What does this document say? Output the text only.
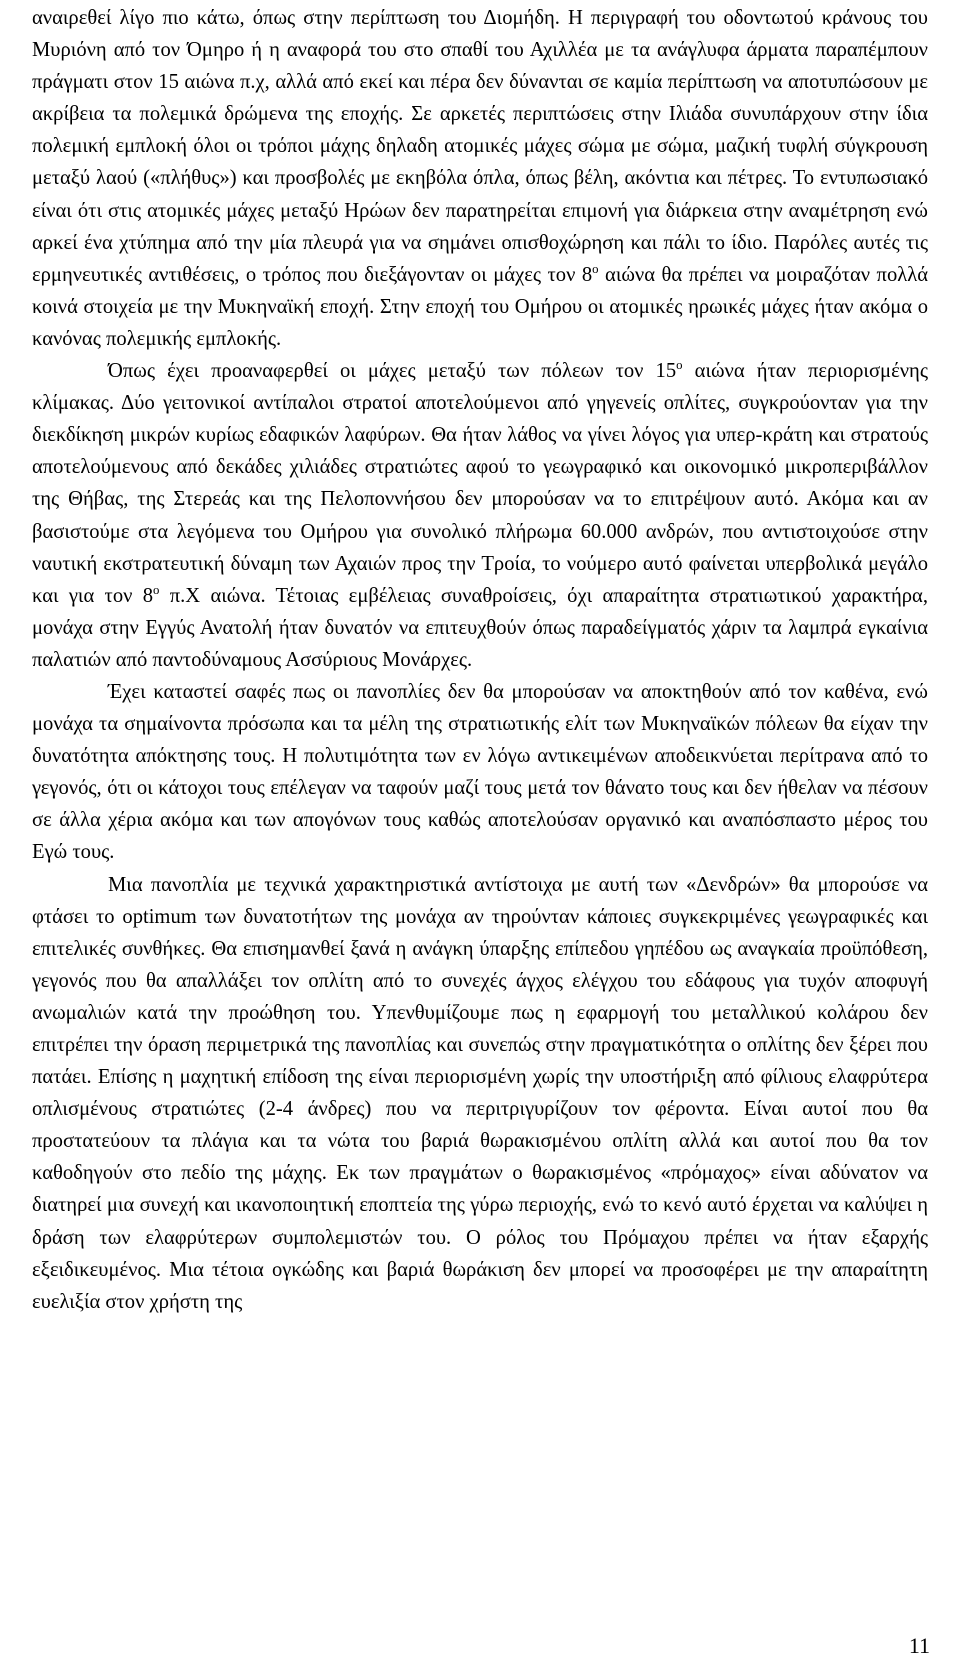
αναιρεθεί λίγο πιο κάτω, όπως στην περίπτωση του Διομήδη. Η περιγραφή του οδοντωτού κράνους του Μυριόνη από τον Όμηρο ή η αναφορά του στο σπαθί του Αχιλλέα με τα ανάγλυφα άρματα παραπέμπουν πράγματι στον 15 αιώνα π.χ, αλλά από εκεί και πέρα δεν δύνανται σε καμία περίπτωση να αποτυπώσουν με ακρίβεια τα πολεμικά δρώμενα της εποχής. Σε αρκετές περιπτώσεις στην Ιλιάδα συνυπάρχουν στην ίδια πολεμική εμπλοκή όλοι οι τρόποι μάχης δηλαδη ατομικές μάχες σώμα με σώμα, μαζική τυφλή σύγκρουση μεταξύ λαού («πλήθυς») και προσβολές με εκηβόλα όπλα, όπως βέλη, ακόντια και πέτρες. Το εντυπωσιακό είναι ότι στις ατομικές μάχες μεταξύ Ηρώων δεν παρατηρείται επιμονή για διάρκεια στην αναμέτρηση ενώ αρκεί ένα χτύπημα από την μία πλευρά για να σημάνει οπισθοχώρηση και πάλι το ίδιο. Παρόλες αυτές τις ερμηνευτικές αντιθέσεις, ο τρόπος που διεξάγονταν οι μάχες τον $8^o$ αιώνα θα πρέπει να μοιραζόταν πολλά κοινά στοιχεία με την Μυκηναϊκή εποχή. Στην εποχή του Ομήρου οι ατομικές ηρωικές μάχες ήταν ακόμα ο κανόνας πολεμικής εμπλοκής.

Όπως έχει προαναφερθεί οι μάχες μεταξύ των πόλεων τον $15^o$ αιώνα ήταν περιορισμένης κλίμακας. Δύο γειτονικοί αντίπαλοι στρατοί αποτελούμενοι από γηγενείς οπλίτες, συγκρούονταν για την διεκδίκηση μικρών κυρίως εδαφικών λαφύρων. Θα ήταν λάθος να γίνει λόγος για υπερ-κράτη και στρατούς αποτελούμενους από δεκάδες χιλιάδες στρατιώτες αφού το γεωγραφικό και οικονομικό μικροπεριβάλλον της Θήβας, της Στερεάς και της Πελοποννήσου δεν μπορούσαν να το επιτρέψουν αυτό. Ακόμα και αν βασιστούμε στα λεγόμενα του Ομήρου για συνολικό πλήρωμα 60.000 ανδρών, που αντιστοιχούσε στην ναυτική εκστρατευτική δύναμη των Αχαιών προς την Τροία, το νούμερο αυτό φαίνεται υπερβολικά μεγάλο και για τον $8^o$ π.Χ αιώνα. Τέτοιας εμβέλειας συναθροίσεις, όχι απαραίτητα στρατιωτικού χαρακτήρα, μονάχα στην Εγγύς Ανατολή ήταν δυνατόν να επιτευχθούν όπως παραδείγματός χάριν τα λαμπρά εγκαίνια παλατιών από παντοδύναμους Ασσύριους Μονάρχες.

Έχει καταστεί σαφές πως οι πανοπλίες δεν θα μπορούσαν να αποκτηθούν από τον καθένα, ενώ μονάχα τα σημαίνοντα πρόσωπα και τα μέλη της στρατιωτικής ελίτ των Μυκηναϊκών πόλεων θα είχαν την δυνατότητα απόκτησης τους. Η πολυτιμότητα των εν λόγω αντικειμένων αποδεικνύεται περίτρανα από το γεγονός, ότι οι κάτοχοι τους επέλεγαν να ταφούν μαζί τους μετά τον θάνατο τους και δεν ήθελαν να πέσουν σε άλλα χέρια ακόμα και των απογόνων τους καθώς αποτελούσαν οργανικό και αναπόσπαστο μέρος του Εγώ τους.

Μια πανοπλία με τεχνικά χαρακτηριστικά αντίστοιχα με αυτή των «Δενδρών» θα μπορούσε να φτάσει το optimum των δυνατοτήτων της μονάχα αν τηρούνταν κάποιες συγκεκριμένες γεωγραφικές και επιτελικές συνθήκες. Θα επισημανθεί ξανά η ανάγκη ύπαρξης επίπεδου γηπέδου ως αναγκαία προϋπόθεση, γεγονός που θα απαλλάξει τον οπλίτη από το συνεχές άγχος ελέγχου του εδάφους για τυχόν αποφυγή ανωμαλιών κατά την προώθηση του. Υπενθυμίζουμε πως η εφαρμογή του μεταλλικού κολάρου δεν επιτρέπει την όραση περιμετρικά της πανοπλίας και συνεπώς στην πραγματικότητα ο οπλίτης δεν ξέρει που πατάει. Επίσης η μαχητική επίδοση της είναι περιορισμένη χωρίς την υποστήριξη από φίλιους ελαφρύτερα οπλισμένους στρατιώτες (2-4 άνδρες) που να περιτριγυρίζουν τον φέροντα. Είναι αυτοί που θα προστατεύουν τα πλάγια και τα νώτα του βαριά θωρακισμένου οπλίτη αλλά και αυτοί που θα τον καθοδηγούν στο πεδίο της μάχης. Εκ των πραγμάτων ο θωρακισμένος «πρόμαχος» είναι αδύνατον να διατηρεί μια συνεχή και ικανοποιητική εποπτεία της γύρω περιοχής, ενώ το κενό αυτό έρχεται να καλύψει η δράση των ελαφρύτερων συμπολεμιστών του. Ο ρόλος του Πρόμαχου πρέπει να ήταν εξαρχής εξειδικευμένος. Μια τέτοια ογκώδης και βαριά θωράκιση δεν μπορεί να προσοφέρει με την απαραίτητη ευελιξία στον χρήστη της

11
